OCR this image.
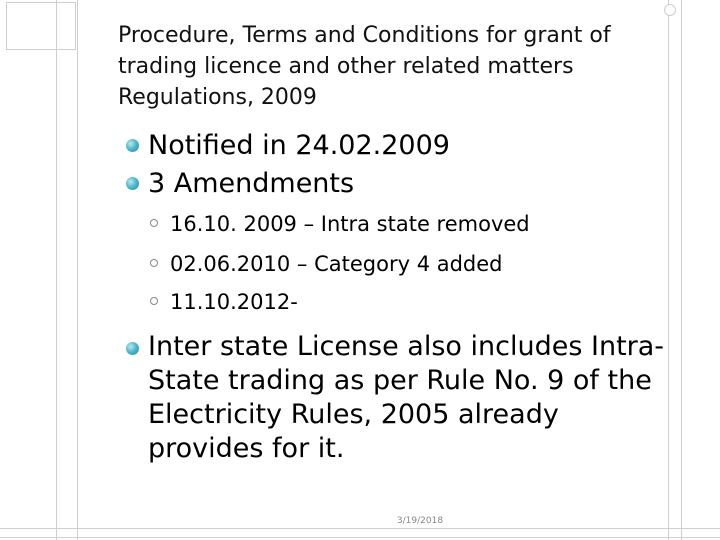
Procedure, Terms and Conditions for grant of trading licence and other related matters Regulations, 2009
Notified in 24.02.2009
3 Amendments
16.10. 2009 – Intra state removed
02.06.2010 – Category 4 added
11.10.2012-
Inter state License also includes Intra-State trading as per Rule No. 9 of the Electricity Rules, 2005 already provides for it.
3/19/2018
